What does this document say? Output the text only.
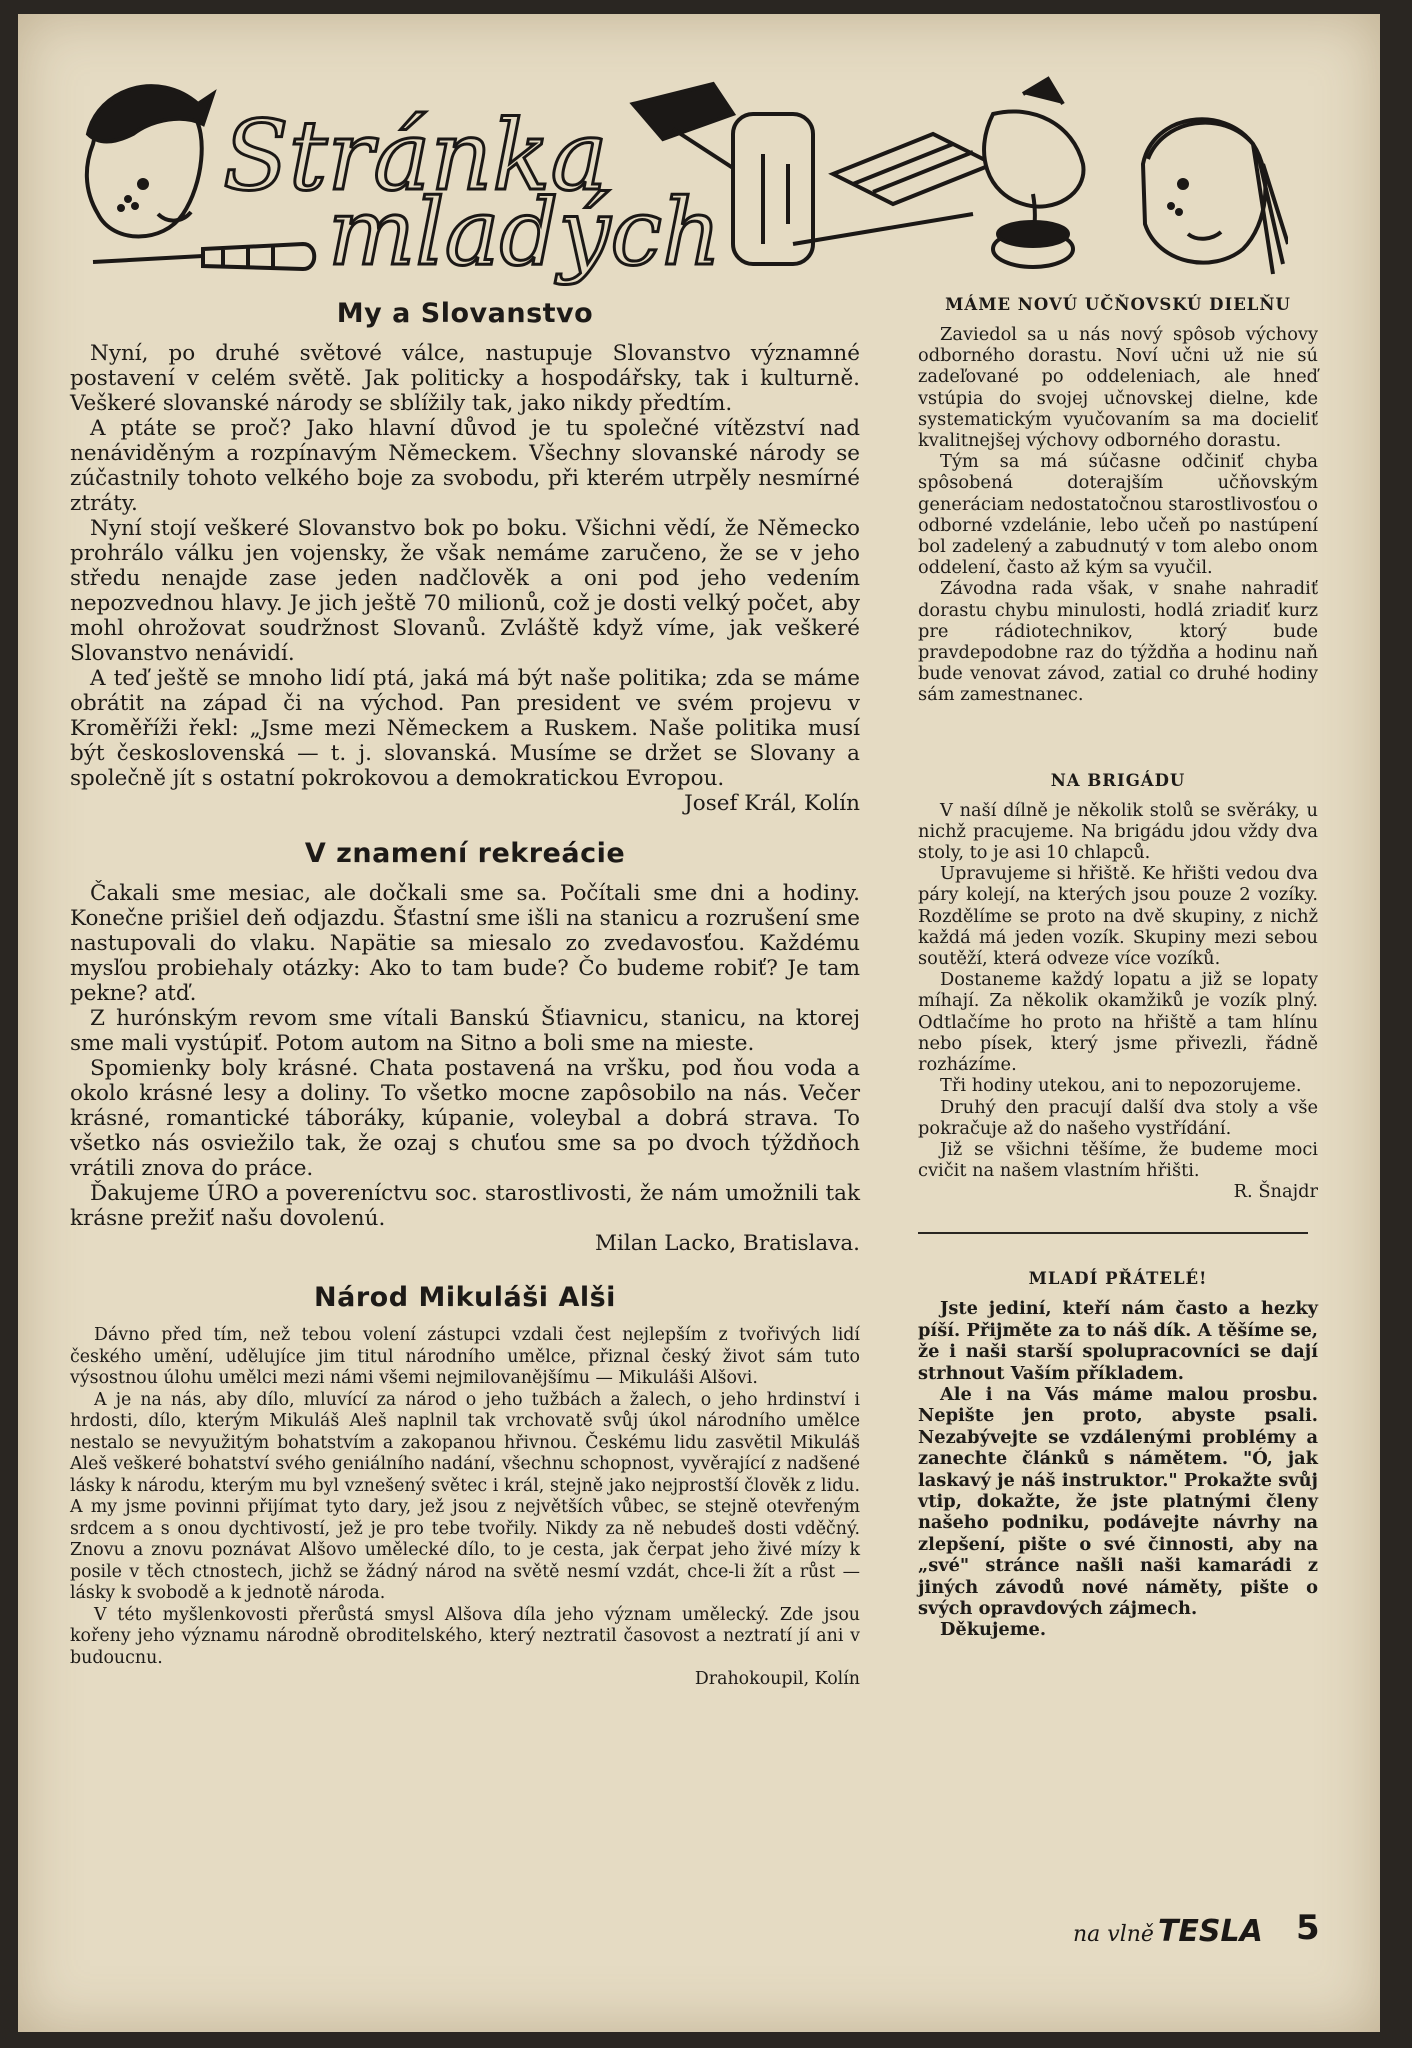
Stránka
mladých
My a Slovanstvo

Nyní, po druhé světové válce, nastupuje Slovanstvo významné postavení v celém světě. Jak politicky a hospodářsky, tak i kulturně. Veškeré slovanské národy se sblížily tak, jako nikdy předtím.

A ptáte se proč? Jako hlavní důvod je tu společné vítězství nad nenáviděným a rozpínavým Německem. Všechny slovanské národy se zúčastnily tohoto velkého boje za svobodu, při kterém utrpěly nesmírné ztráty.

Nyní stojí veškeré Slovanstvo bok po boku. Všichni vědí, že Německo prohrálo válku jen vojensky, že však nemáme zaručeno, že se v jeho středu nenajde zase jeden nadčlověk a oni pod jeho vedením nepozvednou hlavy. Je jich ještě 70 milionů, což je dosti velký počet, aby mohl ohrožovat soudržnost Slovanů. Zvláště když víme, jak veškeré Slovanstvo nenávidí.

A teď ještě se mnoho lidí ptá, jaká má být naše politika; zda se máme obrátit na západ či na východ. Pan president ve svém projevu v Kroměříži řekl: „Jsme mezi Německem a Ruskem. Naše politika musí být československá — t. j. slovanská. Musíme se držet se Slovany a společně jít s ostatní pokrokovou a demokratickou Evropou.

Josef Král, Kolín

V znamení rekreácie

Čakali sme mesiac, ale dočkali sme sa. Počítali sme dni a hodiny. Konečne prišiel deň odjazdu. Šťastní sme išli na stanicu a rozrušení sme nastupovali do vlaku. Napätie sa miesalo zo zvedavosťou. Každému mysľou probiehaly otázky: Ako to tam bude? Čo budeme robiť? Je tam pekne? atď.

Z hurónským revom sme vítali Banskú Šťiavnicu, stanicu, na ktorej sme mali vystúpiť. Potom autom na Sitno a boli sme na mieste.

Spomienky boly krásné. Chata postavená na vršku, pod ňou voda a okolo krásné lesy a doliny. To všetko mocne zapôsobilo na nás. Večer krásné, romantické táboráky, kúpanie, voleybal a dobrá strava. To všetko nás osviežilo tak, že ozaj s chuťou sme sa po dvoch týždňoch vrátili znova do práce.

Ďakujeme ÚRO a povereníctvu soc. starostlivosti, že nám umožnili tak krásne prežiť našu dovolenú.

Milan Lacko, Bratislava.

Národ Mikuláši Alši

Dávno před tím, než tebou volení zástupci vzdali čest nejlepším z tvořivých lidí českého umění, udělujíce jim titul národního umělce, přiznal český život sám tuto výsostnou úlohu umělci mezi námi všemi nejmilovanějšímu — Mikuláši Alšovi.

A je na nás, aby dílo, mluvící za národ o jeho tužbách a žalech, o jeho hrdinství i hrdosti, dílo, kterým Mikuláš Aleš naplnil tak vrchovatě svůj úkol národního umělce nestalo se nevyužitým bohatstvím a zakopanou hřivnou. Českému lidu zasvětil Mikuláš Aleš veškeré bohatství svého geniálního nadání, všechnu schopnost, vyvěrající z nadšené lásky k národu, kterým mu byl vznešený světec i král, stejně jako nejprostší člověk z lidu. A my jsme povinni přijímat tyto dary, jež jsou z největších vůbec, se stejně otevřeným srdcem a s onou dychtivostí, jež je pro tebe tvořily. Nikdy za ně nebudeš dosti vděčný. Znovu a znovu poznávat Alšovo umělecké dílo, to je cesta, jak čerpat jeho živé mízy k posile v těch ctnostech, jichž se žádný národ na světě nesmí vzdát, chce-li žít a růst — lásky k svobodě a k jednotě národa.

V této myšlenkovosti přerůstá smysl Alšova díla jeho význam umělecký. Zde jsou kořeny jeho významu národně obroditelského, který neztratil časovost a neztratí jí ani v budoucnu.

Drahokoupil, Kolín

MÁME NOVÚ UČŇOVSKÚ DIELŇU

Zaviedol sa u nás nový spôsob výchovy odborného dorastu. Noví učni už nie sú zadeľované po oddeleniach, ale hneď vstúpia do svojej učnovskej dielne, kde systematickým vyučovaním sa ma docieliť kvalitnejšej výchovy odborného dorastu.

Tým sa má súčasne odčiniť chyba spôsobená doterajším učňovským generáciam nedostatočnou starostlivosťou o odborné vzdelánie, lebo učeň po nastúpení bol zadelený a zabudnutý v tom alebo onom oddelení, často až kým sa vyučil.

Závodna rada však, v snahe nahradiť dorastu chybu minulosti, hodlá zriadiť kurz pre rádiotechnikov, ktorý bude pravdepodobne raz do týždňa a hodinu naň bude venovat závod, zatial co druhé hodiny sám zamestnanec.

NA BRIGÁDU

V naší dílně je několik stolů se svěráky, u nichž pracujeme. Na brigádu jdou vždy dva stoly, to je asi 10 chlapců.

Upravujeme si hřiště. Ke hřišti vedou dva páry kolejí, na kterých jsou pouze 2 vozíky. Rozdělíme se proto na dvě skupiny, z nichž každá má jeden vozík. Skupiny mezi sebou soutěží, která odveze více vozíků.

Dostaneme každý lopatu a již se lopaty míhají. Za několik okamžiků je vozík plný. Odtlačíme ho proto na hřiště a tam hlínu nebo písek, který jsme přivezli, řádně rozházíme.

Tři hodiny utekou, ani to nepozorujeme.

Druhý den pracují další dva stoly a vše pokračuje až do našeho vystřídání.

Již se všichni těšíme, že budeme moci cvičit na našem vlastním hřišti.

R. Šnajdr

MLADÍ PŘÁTELÉ!

Jste jediní, kteří nám často a hezky píší. Přijměte za to náš dík. A těšíme se, že i naši starší spolupracovníci se dají strhnout Vaším příkladem.

Ale i na Vás máme malou prosbu. Nepište jen proto, abyste psali. Nezabývejte se vzdálenými problémy a zanechte článků s námětem. "Ó, jak laskavý je náš instruktor." Prokažte svůj vtip, dokažte, že jste platnými členy našeho podniku, podávejte návrhy na zlepšení, pište o své činnosti, aby na „své" stránce našli naši kamarádi z jiných závodů nové náměty, pište o svých opravdových zájmech.

Děkujeme.

na vlně TESLA 5
